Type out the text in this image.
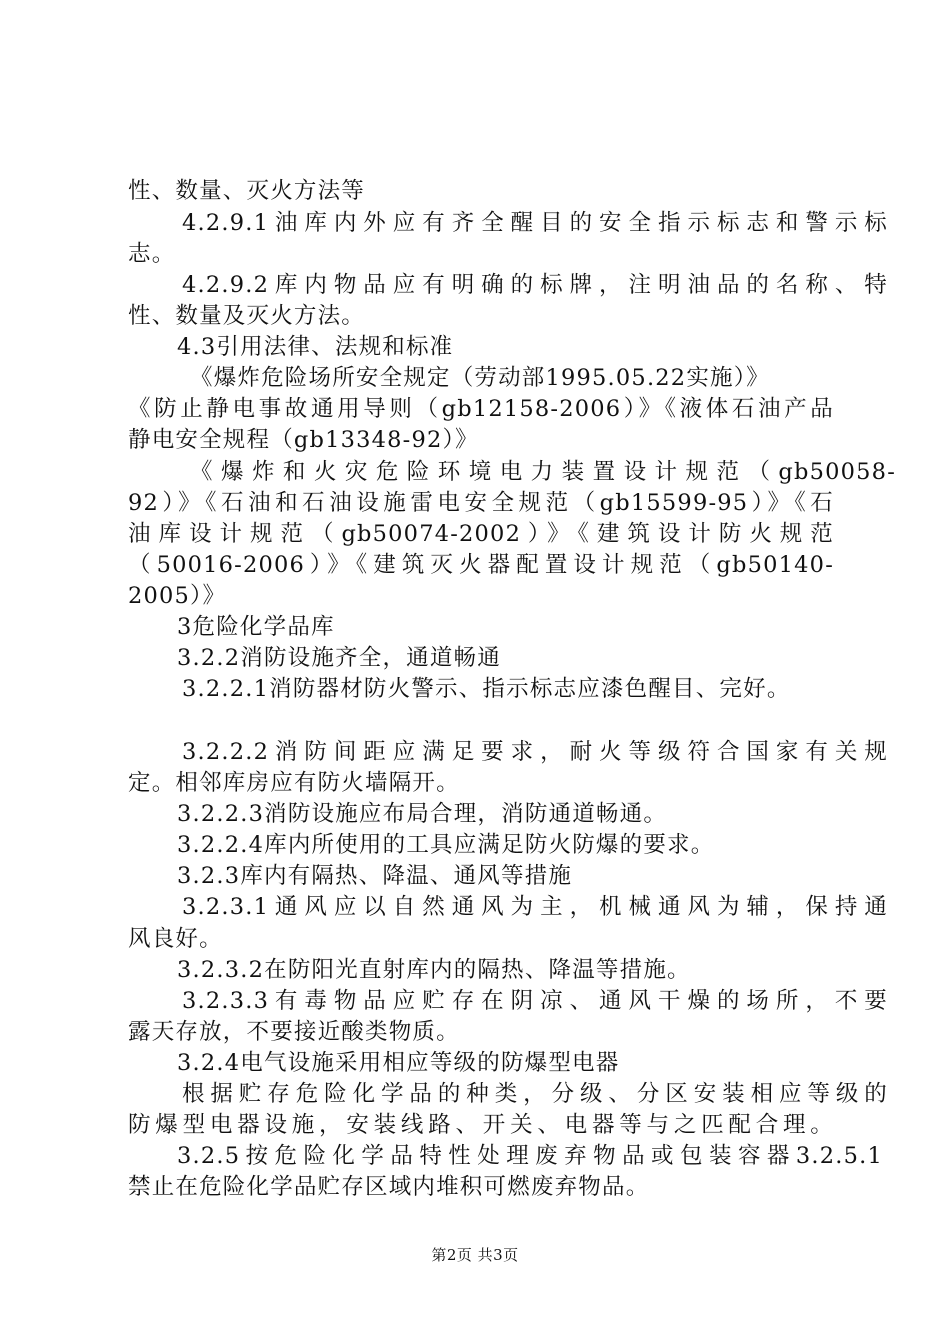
性、数量、灭火方法等
4.2.9.1油库内外应有齐全醒目的安全指示标志和警示标
志。
4.2.9.2库内物品应有明确的标牌，注明油品的名称、特
性、数量及灭火方法。
4.3引用法律、法规和标准
《爆炸危险场所安全规定（劳动部1995.05.22实施）》
《防止静电事故通用导则（gb12158-2006）》《液体石油产品
静电安全规程（gb13348-92）》
《爆炸和火灾危险环境电力装置设计规范（gb50058-
92）》《石油和石油设施雷电安全规范（gb15599-95）》《石
油库设计规范（gb50074-2002）》《建筑设计防火规范
（50016-2006）》《建筑灭火器配置设计规范（gb50140-
2005）》
3危险化学品库
3.2.2消防设施齐全，通道畅通
3.2.2.1消防器材防火警示、指示标志应漆色醒目、完好。
3.2.2.2消防间距应满足要求，耐火等级符合国家有关规
定。相邻库房应有防火墙隔开。
3.2.2.3消防设施应布局合理，消防通道畅通。
3.2.2.4库内所使用的工具应满足防火防爆的要求。
3.2.3库内有隔热、降温、通风等措施
3.2.3.1通风应以自然通风为主，机械通风为辅，保持通
风良好。
3.2.3.2在防阳光直射库内的隔热、降温等措施。
3.2.3.3有毒物品应贮存在阴凉、通风干燥的场所，不要
露天存放，不要接近酸类物质。
3.2.4电气设施采用相应等级的防爆型电器
根据贮存危险化学品的种类，分级、分区安装相应等级的
防爆型电器设施，安装线路、开关、电器等与之匹配合理。
3.2.5按危险化学品特性处理废弃物品或包装容器3.2.5.1
禁止在危险化学品贮存区域内堆积可燃废弃物品。
第2页 共3页
